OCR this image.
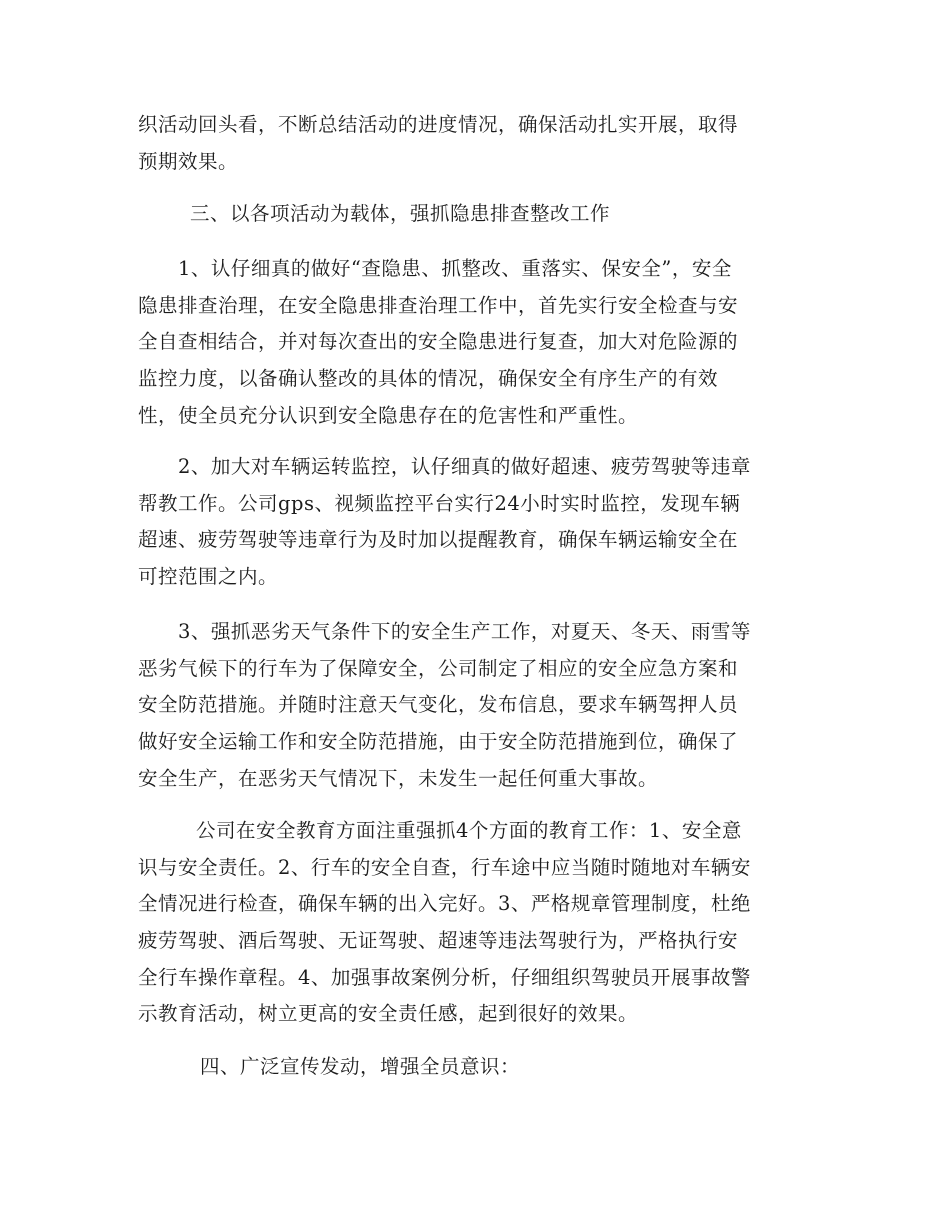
织活动回头看，不断总结活动的进度情况，确保活动扎实开展，取得
预期效果。
三、以各项活动为载体，强抓隐患排查整改工作
1、认仔细真的做好“查隐患、抓整改、重落实、保安全”，安全
隐患排查治理，在安全隐患排查治理工作中，首先实行安全检查与安
全自查相结合，并对每次查出的安全隐患进行复查，加大对危险源的
监控力度，以备确认整改的具体的情况，确保安全有序生产的有效
性，使全员充分认识到安全隐患存在的危害性和严重性。
2、加大对车辆运转监控，认仔细真的做好超速、疲劳驾驶等违章
帮教工作。公司gps、视频监控平台实行24小时实时监控，发现车辆
超速、疲劳驾驶等违章行为及时加以提醒教育，确保车辆运输安全在
可控范围之内。
3、强抓恶劣天气条件下的安全生产工作，对夏天、冬天、雨雪等
恶劣气候下的行车为了保障安全，公司制定了相应的安全应急方案和
安全防范措施。并随时注意天气变化，发布信息，要求车辆驾押人员
做好安全运输工作和安全防范措施，由于安全防范措施到位，确保了
安全生产，在恶劣天气情况下，未发生一起任何重大事故。
公司在安全教育方面注重强抓4个方面的教育工作：1、安全意
识与安全责任。2、行车的安全自查，行车途中应当随时随地对车辆安
全情况进行检查，确保车辆的出入完好。3、严格规章管理制度，杜绝
疲劳驾驶、酒后驾驶、无证驾驶、超速等违法驾驶行为，严格执行安
全行车操作章程。4、加强事故案例分析，仔细组织驾驶员开展事故警
示教育活动，树立更高的安全责任感，起到很好的效果。
四、广泛宣传发动，增强全员意识：
